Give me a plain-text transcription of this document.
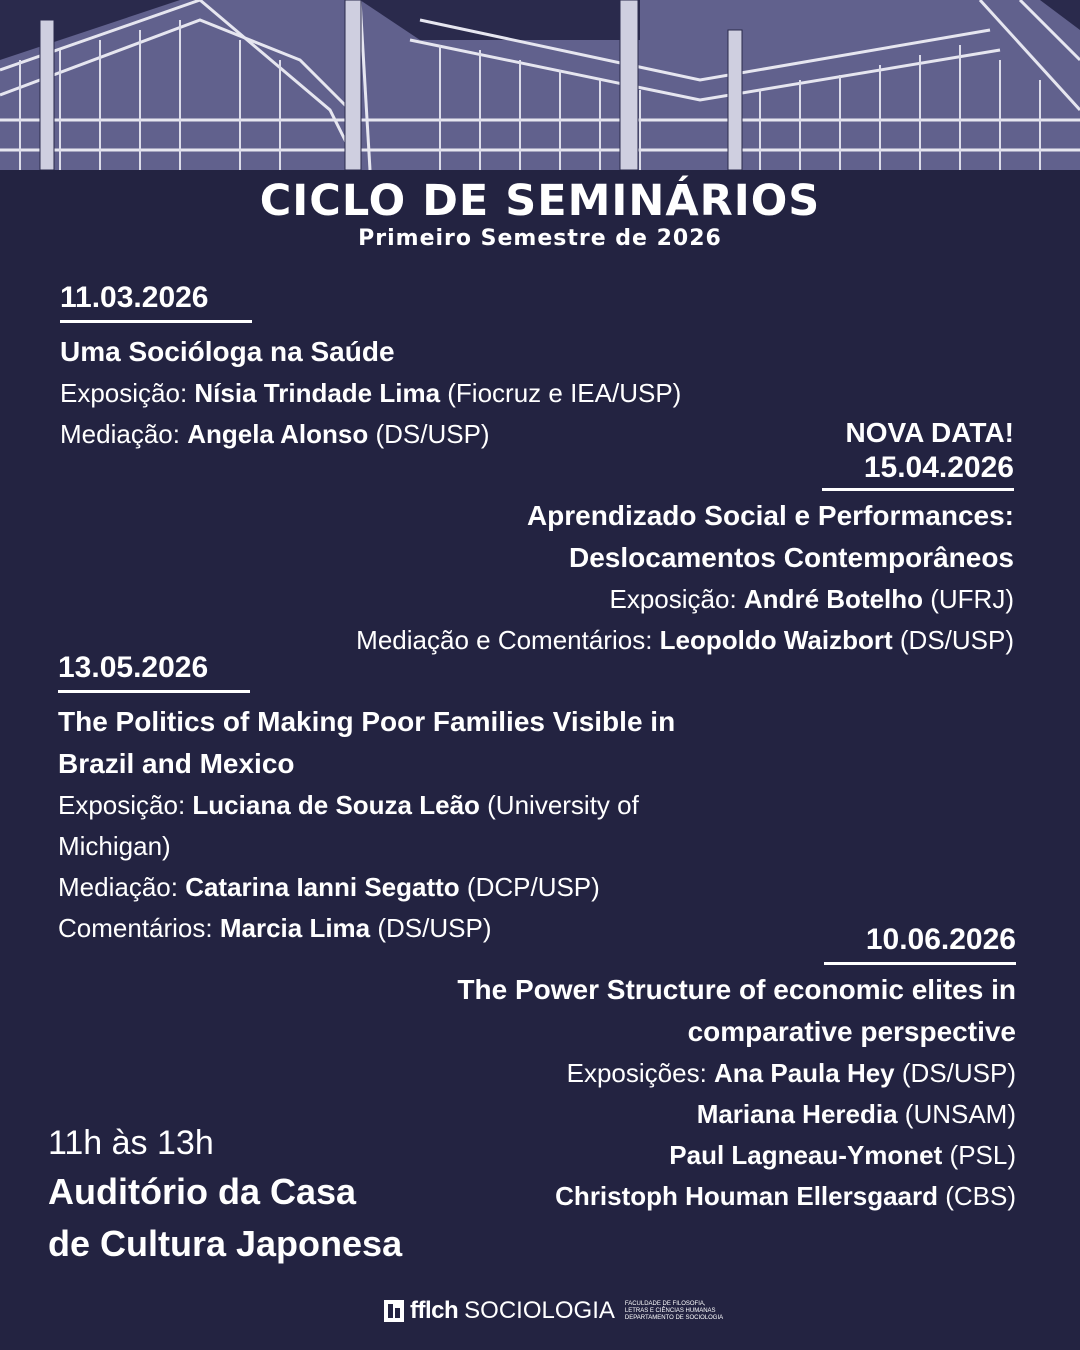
CICLO DE SEMINÁRIOS
Primeiro Semestre de 2026
11.03.2026
Uma Socióloga na Saúde
Exposição: Nísia Trindade Lima (Fiocruz e IEA/USP)
Mediação: Angela Alonso (DS/USP)	NOVA DATA!
15.04.2026
Aprendizado Social e Performances:
Deslocamentos Contemporâneos
Exposição: André Botelho (UFRJ)
Mediação e Comentários: Leopoldo Waizbort (DS/USP)
13.05.2026
The Politics of Making Poor Families Visible in
Brazil and Mexico
Exposição: Luciana de Souza Leão (University of Michigan)
Mediação: Catarina Ianni Segatto (DCP/USP)
Comentários: Marcia Lima (DS/USP)	10.06.2026
The Power Structure of economic elites in
comparative perspective
Exposições: Ana Paula Hey (DS/USP)
Mariana Heredia (UNSAM)
Paul Lagneau-Ymonet (PSL)
Christoph Houman Ellersgaard (CBS)
11h às 13h
Auditório da Casa
de Cultura Japonesa
fflch SOCIOLOGIA FACULDADE DE FILOSOFIA,
LETRAS E CIÊNCIAS HUMANAS
DEPARTAMENTO DE SOCIOLOGIA
